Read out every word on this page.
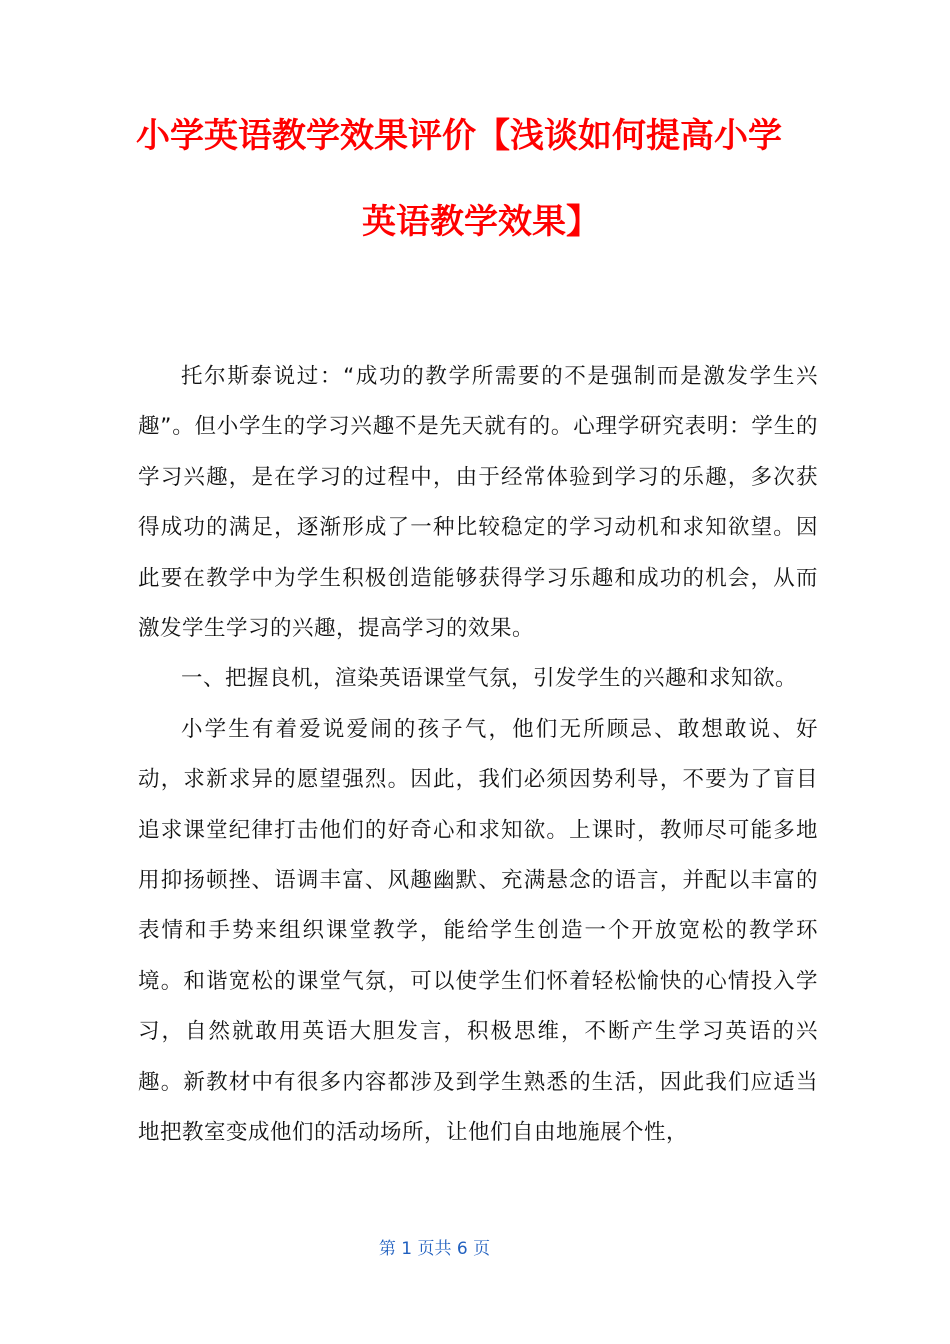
小学英语教学效果评价【浅谈如何提高小学
英语教学效果】

托尔斯泰说过：“成功的教学所需要的不是强制而是激发学生兴趣”。但小学生的学习兴趣不是先天就有的。心理学研究表明：学生的学习兴趣，是在学习的过程中，由于经常体验到学习的乐趣，多次获得成功的满足，逐渐形成了一种比较稳定的学习动机和求知欲望。因此要在教学中为学生积极创造能够获得学习乐趣和成功的机会，从而激发学生学习的兴趣，提高学习的效果。

一、把握良机，渲染英语课堂气氛，引发学生的兴趣和求知欲。

小学生有着爱说爱闹的孩子气，他们无所顾忌、敢想敢说、好动，求新求异的愿望强烈。因此，我们必须因势利导，不要为了盲目追求课堂纪律打击他们的好奇心和求知欲。上课时，教师尽可能多地用抑扬顿挫、语调丰富、风趣幽默、充满悬念的语言，并配以丰富的表情和手势来组织课堂教学，能给学生创造一个开放宽松的教学环境。和谐宽松的课堂气氛，可以使学生们怀着轻松愉快的心情投入学习，自然就敢用英语大胆发言，积极思维，不断产生学习英语的兴趣。新教材中有很多内容都涉及到学生熟悉的生活，因此我们应适当地把教室变成他们的活动场所，让他们自由地施展个性，

第 1 页共 6 页
